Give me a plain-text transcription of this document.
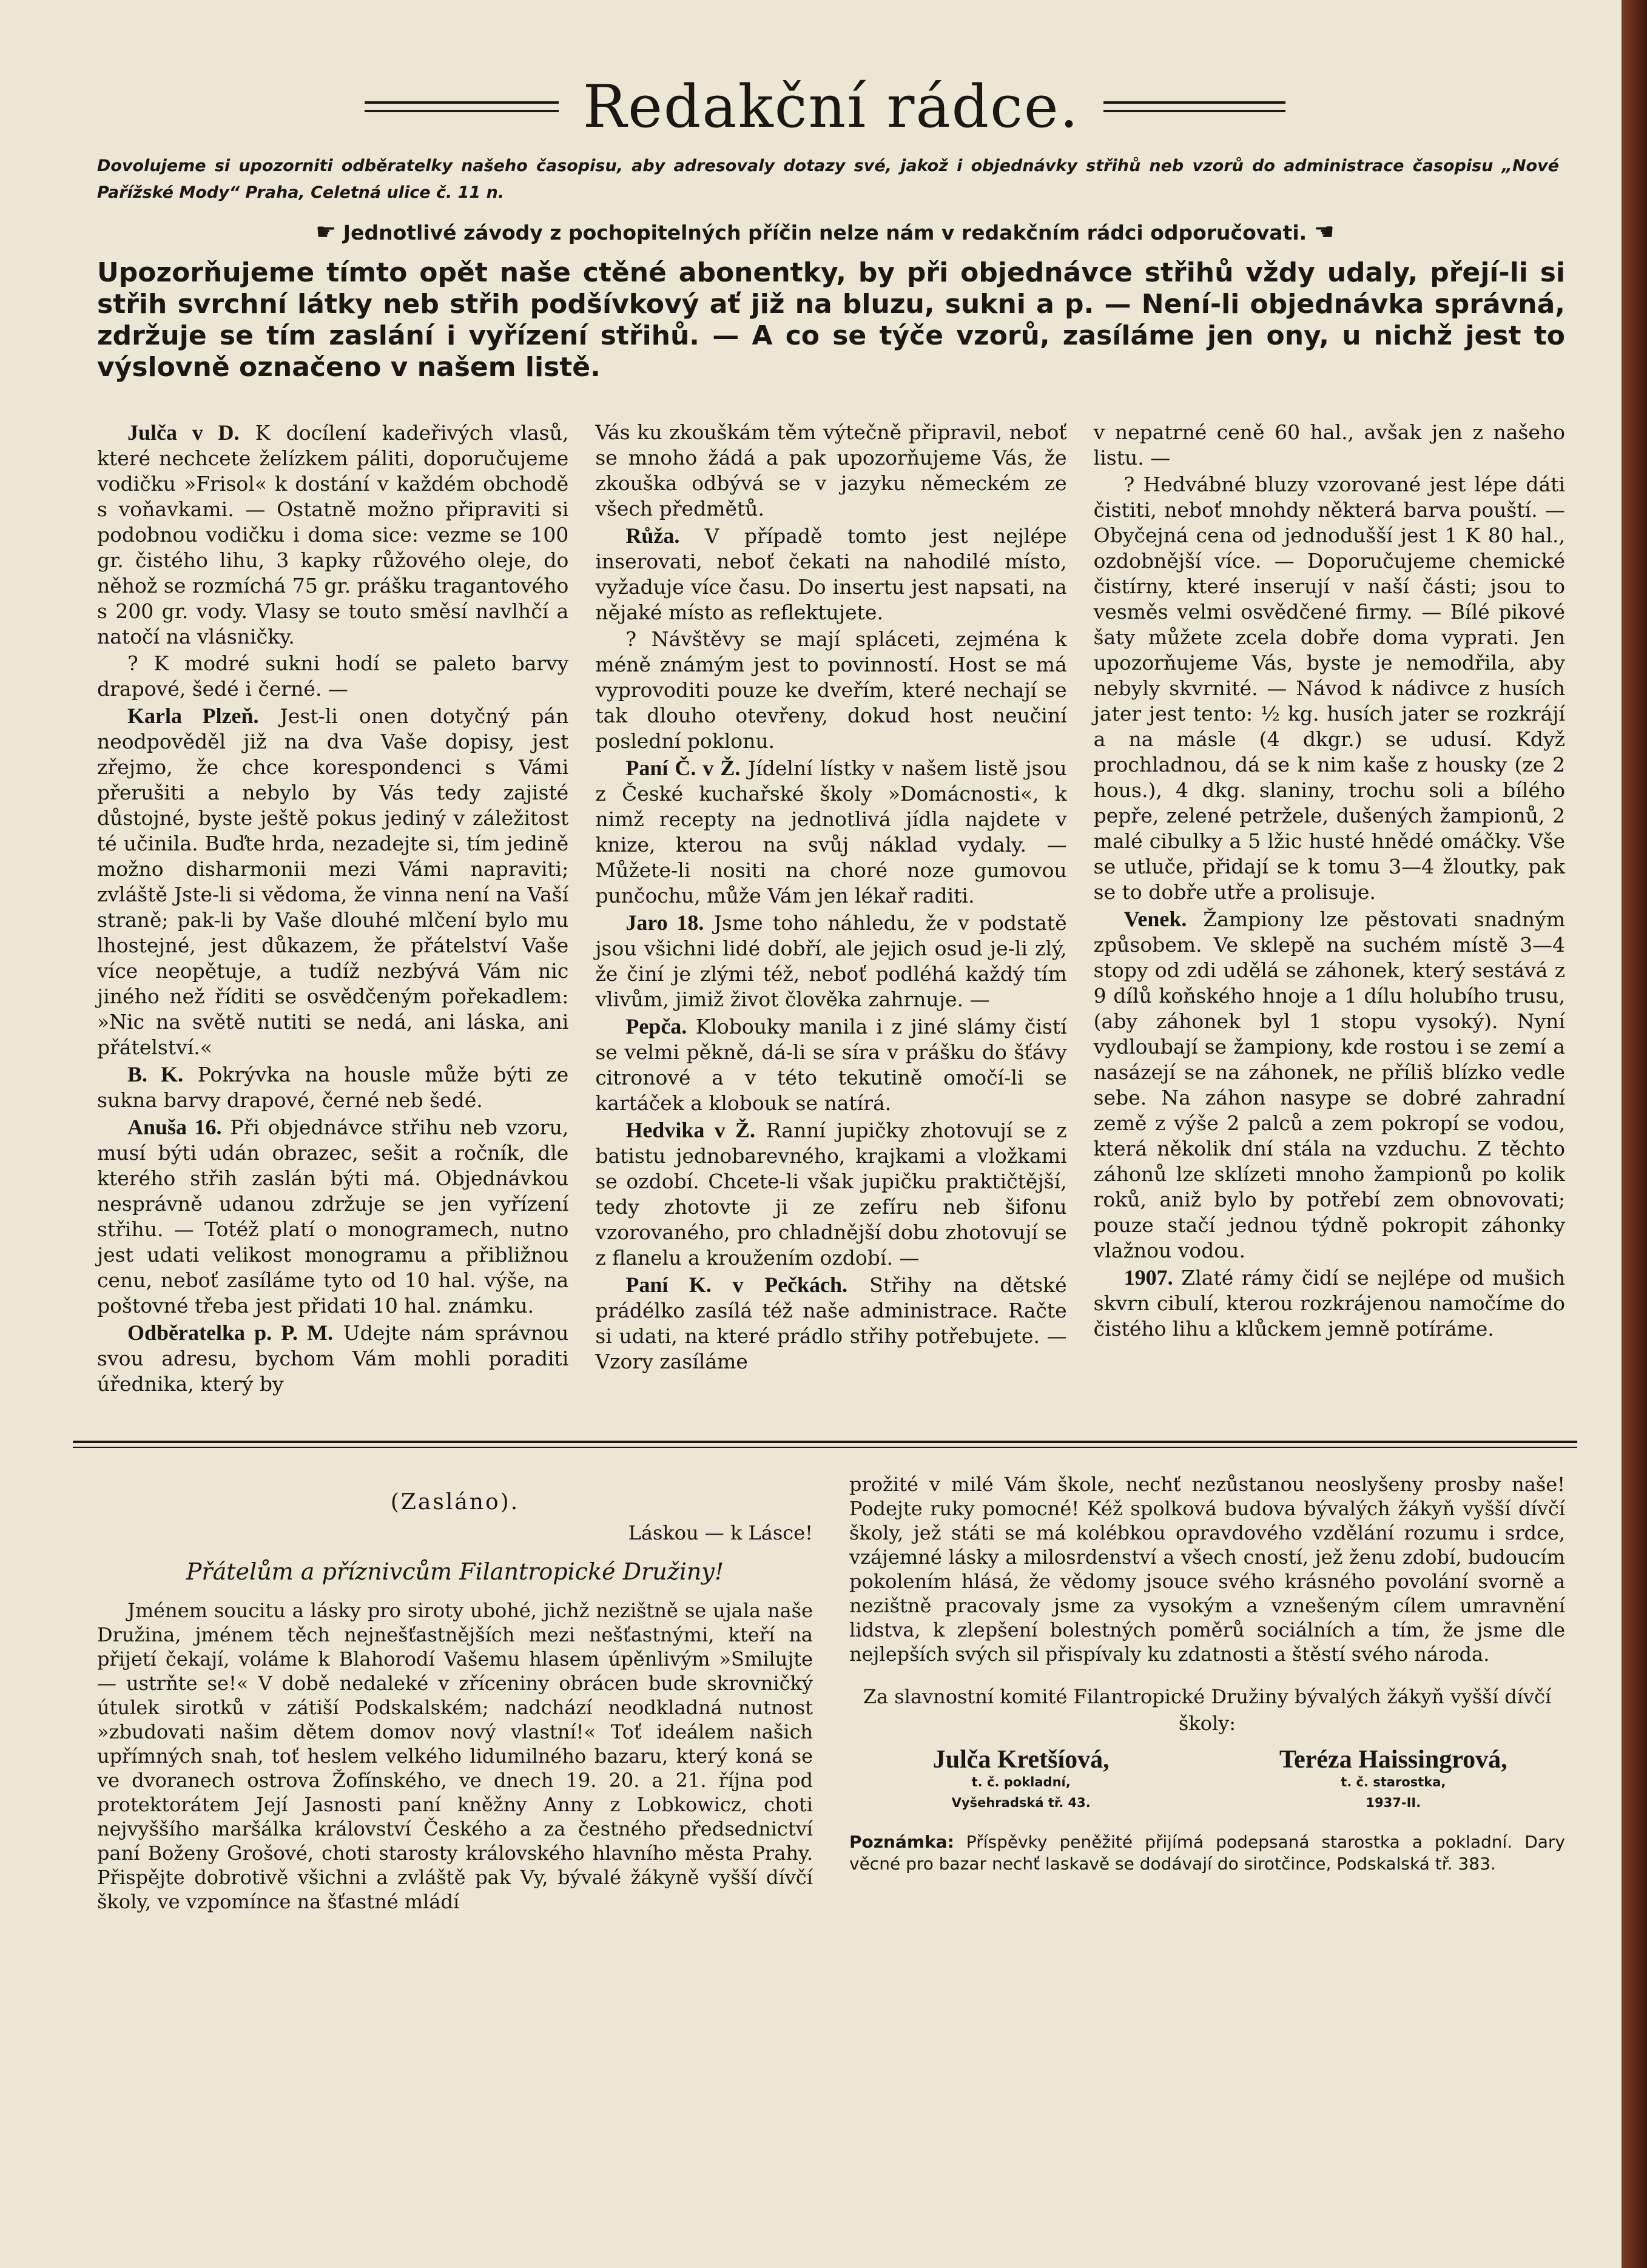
Redakční rádce.
Dovolujeme si upozorniti odběratelky našeho časopisu, aby adresovaly dotazy své, jakož i objednávky střihů neb vzorů do administrace časopisu „Nové Pařížské Mody“ Praha, Celetná ulice č. 11 n.
☛ Jednotlivé závody z pochopitelných příčin nelze nám v redakčním rádci odporučovati. ☚
Upozorňujeme tímto opět naše ctěné abonentky, by při objednávce střihů vždy udaly, přejí-li si střih svrchní látky neb střih podšívkový ať již na bluzu, sukni a p. — Není-li objednávka správná, zdržuje se tím zaslání i vyřízení střihů. — A co se týče vzorů, zasíláme jen ony, u nichž jest to výslovně označeno v našem listě.

Julča v D. K docílení kadeřivých vlasů, které nechcete želízkem páliti, doporučujeme vodičku »Frisol« k dostání v každém obchodě s voňavkami. — Ostatně možno připraviti si podobnou vodičku i doma sice: vezme se 100 gr. čistého lihu, 3 kapky růžového oleje, do něhož se rozmíchá 75 gr. prášku tragantového s 200 gr. vody. Vlasy se touto směsí navlhčí a natočí na vlásničky.

? K modré sukni hodí se paleto barvy drapové, šedé i černé. —

Karla Plzeň. Jest-li onen dotyčný pán neodpověděl již na dva Vaše dopisy, jest zřejmo, že chce korespondenci s Vámi přerušiti a nebylo by Vás tedy zajisté důstojné, byste ještě pokus jediný v záležitost té učinila. Buďte hrda, nezadejte si, tím jedině možno disharmonii mezi Vámi napraviti; zvláště Jste-li si vědoma, že vinna není na Vaší straně; pak-li by Vaše dlouhé mlčení bylo mu lhostejné, jest důkazem, že přátelství Vaše více neopětuje, a tudíž nezbývá Vám nic jiného než říditi se osvědčeným pořekadlem: »Nic na světě nutiti se nedá, ani láska, ani přátelství.«

B. K. Pokrývka na housle může býti ze sukna barvy drapové, černé neb šedé.

Anuša 16. Při objednávce střihu neb vzoru, musí býti udán obrazec, sešit a ročník, dle kterého střih zaslán býti má. Objednávkou nesprávně udanou zdržuje se jen vyřízení střihu. — Totéž platí o monogramech, nutno jest udati velikost monogramu a přibližnou cenu, neboť zasíláme tyto od 10 hal. výše, na poštovné třeba jest přidati 10 hal. známku.

Odběratelka p. P. M. Udejte nám správnou svou adresu, bychom Vám mohli poraditi úřednika, který by

Vás ku zkouškám těm výtečně připravil, neboť se mnoho žádá a pak upozorňujeme Vás, že zkouška odbývá se v jazyku německém ze všech předmětů.

Růža. V případě tomto jest nejlépe inserovati, neboť čekati na nahodilé místo, vyžaduje více času. Do insertu jest napsati, na nějaké místo as reflektujete.

? Návštěvy se mají spláceti, zejména k méně známým jest to povinností. Host se má vyprovoditi pouze ke dveřím, které nechají se tak dlouho otevřeny, dokud host neučiní poslední poklonu.

Paní Č. v Ž. Jídelní lístky v našem listě jsou z České kuchařské školy »Domácnosti«, k nimž recepty na jednotlivá jídla najdete v knize, kterou na svůj náklad vydaly. — Můžete-li nositi na choré noze gumovou punčochu, může Vám jen lékař raditi.

Jaro 18. Jsme toho náhledu, že v podstatě jsou všichni lidé dobří, ale jejich osud je-li zlý, že činí je zlými též, neboť podléhá každý tím vlivům, jimiž život člověka zahrnuje. —

Pepča. Klobouky manila i z jiné slámy čistí se velmi pěkně, dá-li se síra v prášku do šťávy citronové a v této tekutině omočí-li se kartáček a klobouk se natírá.

Hedvika v Ž. Ranní jupičky zhotovují se z batistu jednobarevného, krajkami a vložkami se ozdobí. Chcete-li však jupičku praktičtější, tedy zhotovte ji ze zefíru neb šifonu vzorovaného, pro chladnější dobu zhotovují se z flanelu a kroužením ozdobí. —

Paní K. v Pečkách. Střihy na dětské prádélko zasílá též naše administrace. Račte si udati, na které prádlo střihy potřebujete. — Vzory zasíláme

v nepatrné ceně 60 hal., avšak jen z našeho listu. —

? Hedvábné bluzy vzorované jest lépe dáti čistiti, neboť mnohdy některá barva pouští. — Obyčejná cena od jednodušší jest 1 K 80 hal., ozdobnější více. — Doporučujeme chemické čistírny, které inserují v naší části; jsou to vesměs velmi osvědčené firmy. — Bílé pikové šaty můžete zcela dobře doma vyprati. Jen upozorňujeme Vás, byste je nemodřila, aby nebyly skvrnité. — Návod k nádivce z husích jater jest tento: ½ kg. husích jater se rozkrájí a na másle (4 dkgr.) se udusí. Když prochladnou, dá se k nim kaše z housky (ze 2 hous.), 4 dkg. slaniny, trochu soli a bílého pepře, zelené petržele, dušených žampionů, 2 malé cibulky a 5 lžic husté hnědé omáčky. Vše se utluče, přidají se k tomu 3—4 žloutky, pak se to dobře utře a prolisuje.

Venek. Žampiony lze pěstovati snadným způsobem. Ve sklepě na suchém místě 3—4 stopy od zdi udělá se záhonek, který sestává z 9 dílů koňského hnoje a 1 dílu holubího trusu, (aby záhonek byl 1 stopu vysoký). Nyní vydloubají se žampiony, kde rostou i se zemí a nasázejí se na záhonek, ne příliš blízko vedle sebe. Na záhon nasype se dobré zahradní země z výše 2 palců a zem pokropí se vodou, která několik dní stála na vzduchu. Z těchto záhonů lze sklízeti mnoho žampionů po kolik roků, aniž bylo by potřebí zem obnovovati; pouze stačí jednou týdně pokropit záhonky vlažnou vodou.

1907. Zlaté rámy čidí se nejlépe od mušich skvrn cibulí, kterou rozkrájenou namočíme do čistého lihu a klůckem jemně potíráme.

(Zasláno).
Láskou — k Lásce!
Přátelům a příznivcům Filantropické Družiny!

Jménem soucitu a lásky pro siroty ubohé, jichž nezištně se ujala naše Družina, jménem těch nejnešťastnějších mezi nešťastnými, kteří na přijetí čekají, voláme k Blahorodí Vašemu hlasem úpěnlivým »Smilujte — ustrňte se!« V době nedaleké v zříceniny obrácen bude skrovničký útulek sirotků v zátiší Podskalském; nadchází neodkladná nutnost »zbudovati našim dětem domov nový vlastní!« Toť ideálem našich upřímných snah, toť heslem velkého lidumilného bazaru, který koná se ve dvoranech ostrova Žofínského, ve dnech 19. 20. a 21. října pod protektorátem Její Jasnosti paní kněžny Anny z Lobkowicz, choti nejvyššího maršálka království Českého a za čestného předsednictví paní Boženy Grošové, choti starosty královského hlavního města Prahy. Přispějte dobrotivě všichni a zvláště pak Vy, bývalé žákyně vyšší dívčí školy, ve vzpomínce na šťastné mládí

prožité v milé Vám škole, nechť nezůstanou neoslyšeny prosby naše! Podejte ruky pomocné! Kéž spolková budova bývalých žákyň vyšší dívčí školy, jež státi se má kolébkou opravdového vzdělání rozumu i srdce, vzájemné lásky a milosrdenství a všech cností, jež ženu zdobí, budoucím pokolením hlásá, že vědomy jsouce svého krásného povolání svorně a nezištně pracovaly jsme za vysokým a vznešeným cílem umravnění lidstva, k zlepšení bolestných poměrů sociálních a tím, že jsme dle nejlepších svých sil přispívaly ku zdatnosti a štěstí svého národa.

Za slavnostní komité Filantropické Družiny bývalých žákyň vyšší dívčí školy:
Julča Kretšíová,
t. č. pokladní,
Vyšehradská tř. 43.
Teréza Haissingrová,
t. č. starostka,
1937-II.
Poznámka: Příspěvky peněžité přijímá podepsaná starostka a pokladní. Dary věcné pro bazar nechť laskavě se dodávají do sirotčince, Podskalská tř. 383.
